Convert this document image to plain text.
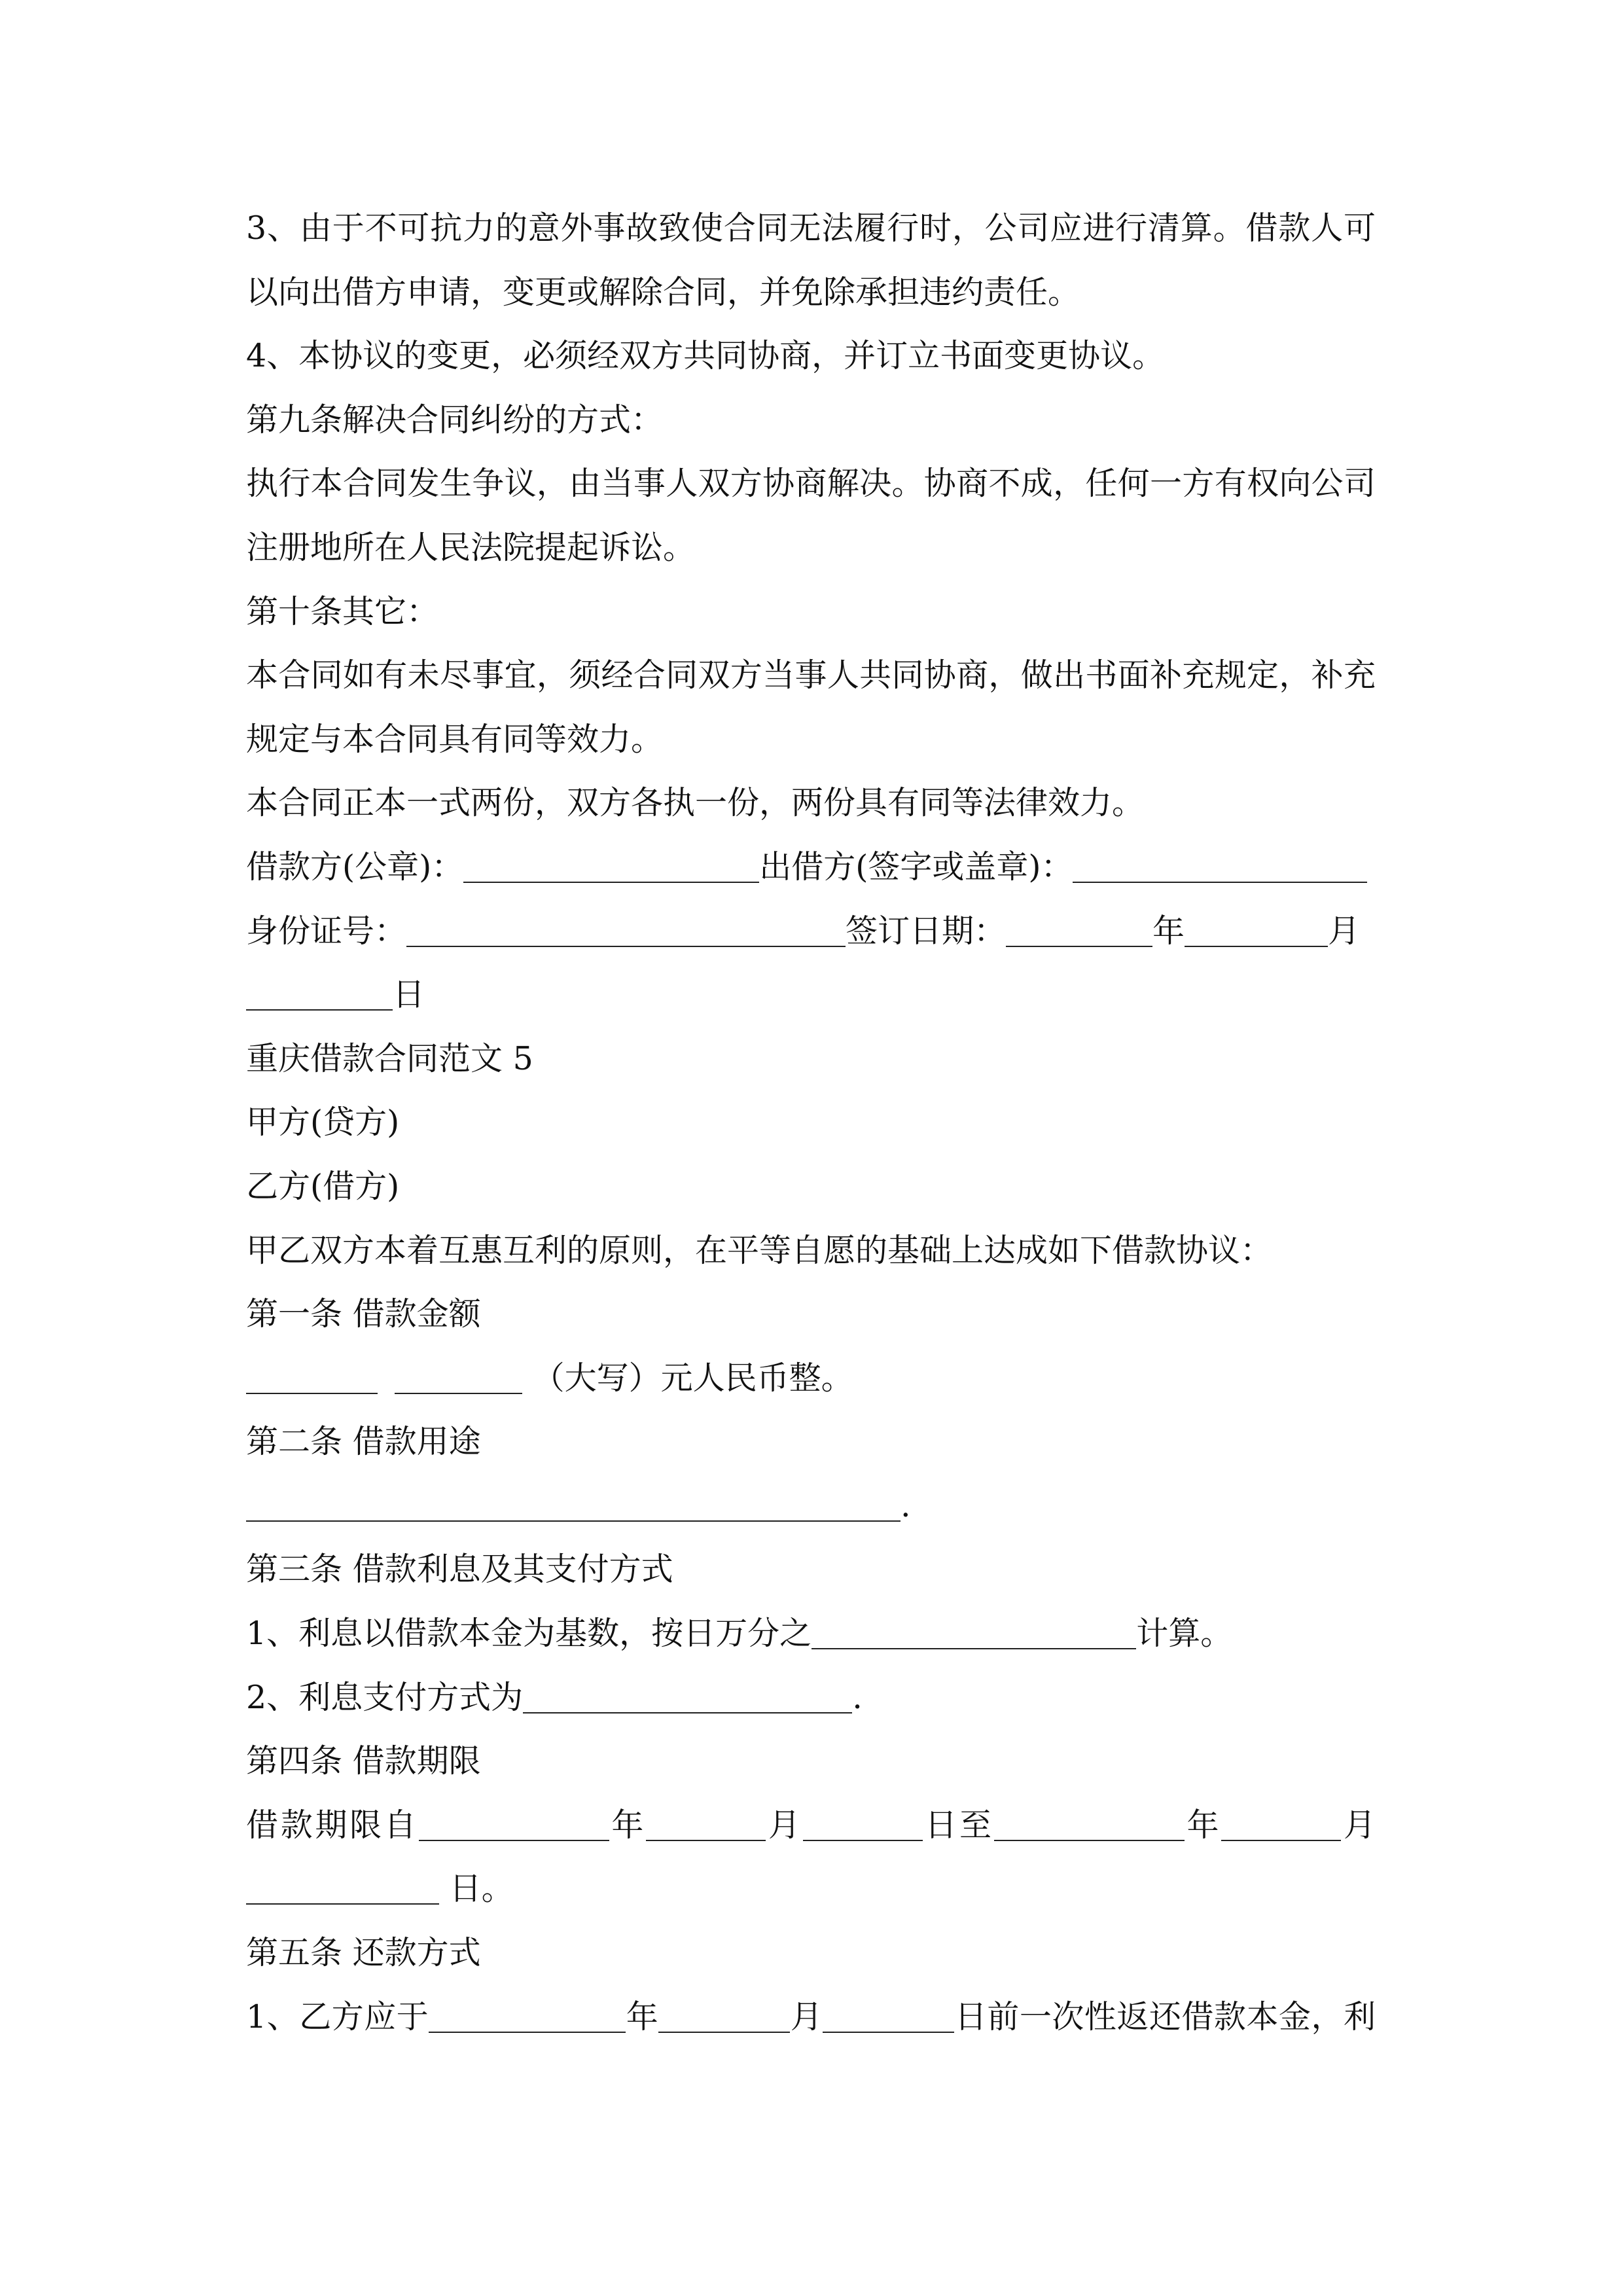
3、由于不可抗力的意外事故致使合同无法履行时，公司应进行清算。借款人可
以向出借方申请，变更或解除合同，并免除承担违约责任。
4、本协议的变更，必须经双方共同协商，并订立书面变更协议。
第九条解决合同纠纷的方式：
执行本合同发生争议，由当事人双方协商解决。协商不成，任何一方有权向公司
注册地所在人民法院提起诉讼。
第十条其它：
本合同如有未尽事宜，须经合同双方当事人共同协商，做出书面补充规定，补充
规定与本合同具有同等效力。
本合同正本一式两份，双方各执一份，两份具有同等法律效力。
借款方(公章)：	出借方(签字或盖章)：
身份证号：	签订日期：	年	月
日
重庆借款合同范文 5
甲方(贷方)
乙方(借方)
甲乙双方本着互惠互利的原则，在平等自愿的基础上达成如下借款协议：
第一条 借款金额
（大写）元人民币整。
第二条 借款用途
.
第三条 借款利息及其支付方式
1、利息以借款本金为基数，按日万分之	计算。
2、利息支付方式为	.
第四条 借款期限
借款期限自	年	月	日至	年	月
日。
第五条 还款方式
1、乙方应于	年	月	日前一次性返还借款本金，利
